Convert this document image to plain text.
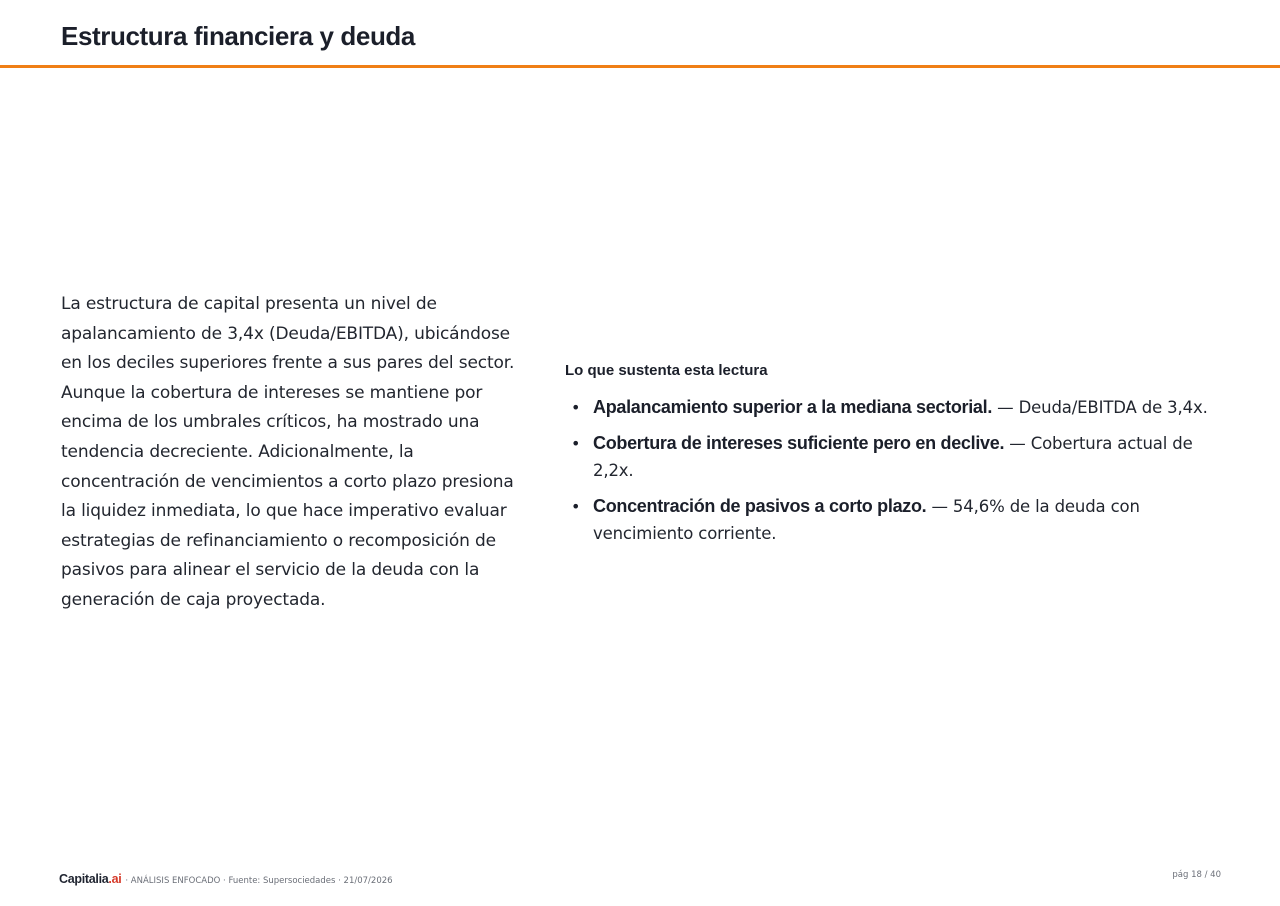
Estructura financiera y deuda

La estructura de capital presenta un nivel de apalancamiento de 3,4x (Deuda/EBITDA), ubicándose en los deciles superiores frente a sus pares del sector. Aunque la cobertura de intereses se mantiene por encima de los umbrales críticos, ha mostrado una tendencia decreciente. Adicionalmente, la concentración de vencimientos a corto plazo presiona la liquidez inmediata, lo que hace imperativo evaluar estrategias de refinanciamiento o recomposición de pasivos para alinear el servicio de la deuda con la generación de caja proyectada.

Lo que sustenta esta lectura
• Apalancamiento superior a la mediana sectorial. — Deuda/EBITDA de 3,4x.
• Cobertura de intereses suficiente pero en declive. — Cobertura actual de 2,2x.
• Concentración de pasivos a corto plazo. — 54,6% de la deuda con vencimiento corriente.
Capitalia.ai · ANÁLISIS ENFOCADO · Fuente: Supersociedades · 21/07/2026
pág 18 / 40
